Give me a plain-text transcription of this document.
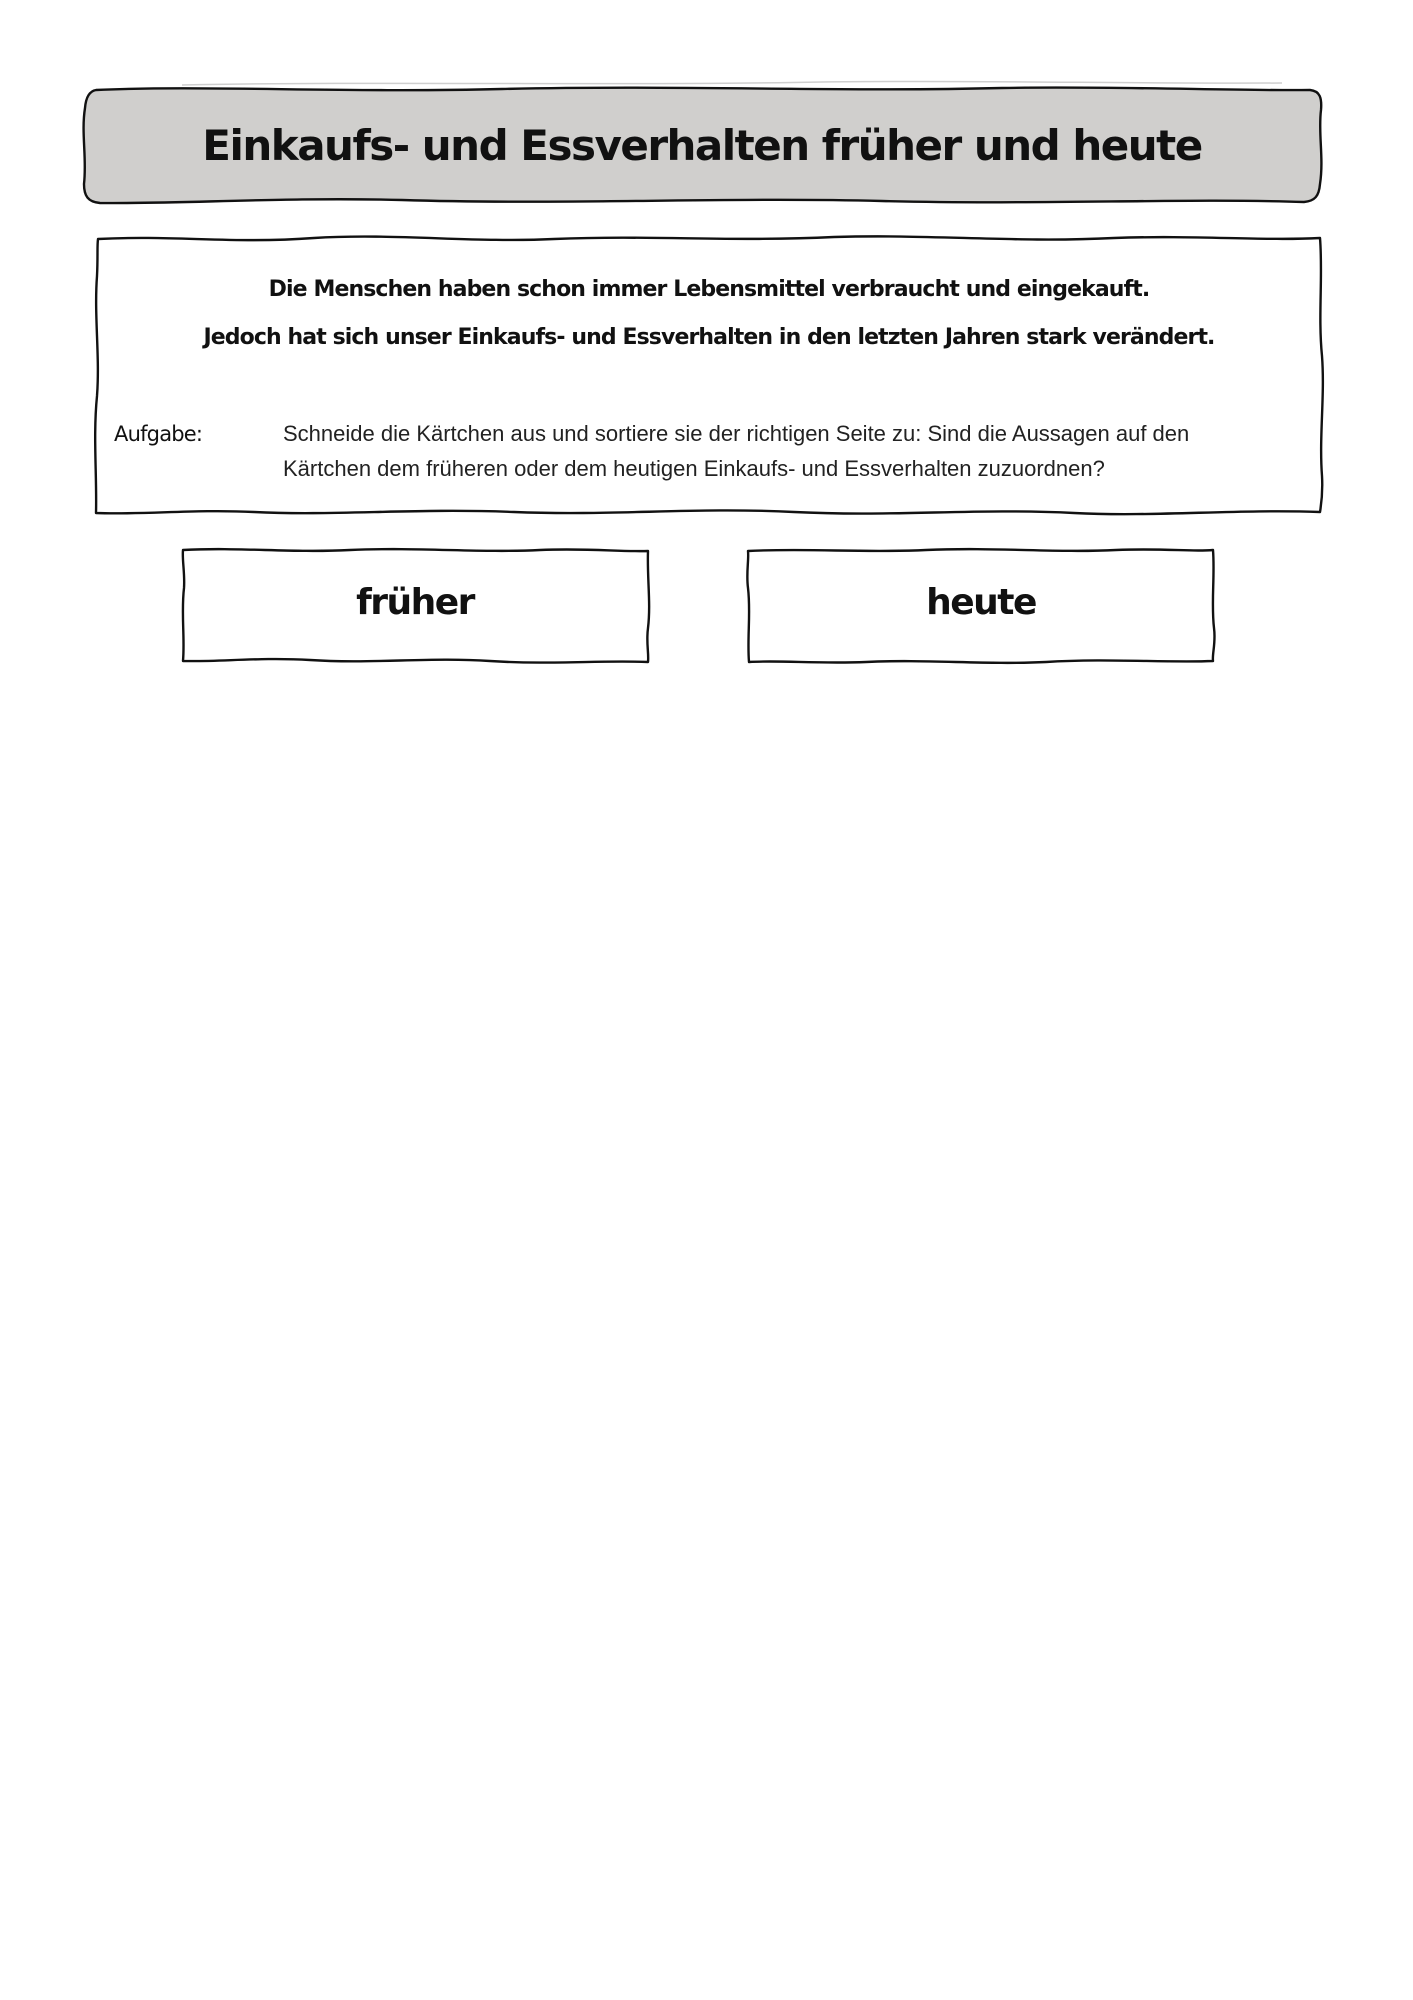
Einkaufs- und Essverhalten früher und heute
Die Menschen haben schon immer Lebensmittel verbraucht und eingekauft.
Jedoch hat sich unser Einkaufs- und Essverhalten in den letzten Jahren stark verändert.
Aufgabe:	Schneide die Kärtchen aus und sortiere sie der richtigen Seite zu: Sind die Aussagen auf den Kärtchen dem früheren oder dem heutigen Einkaufs- und Essverhalten zuzuordnen?
früher	heute
